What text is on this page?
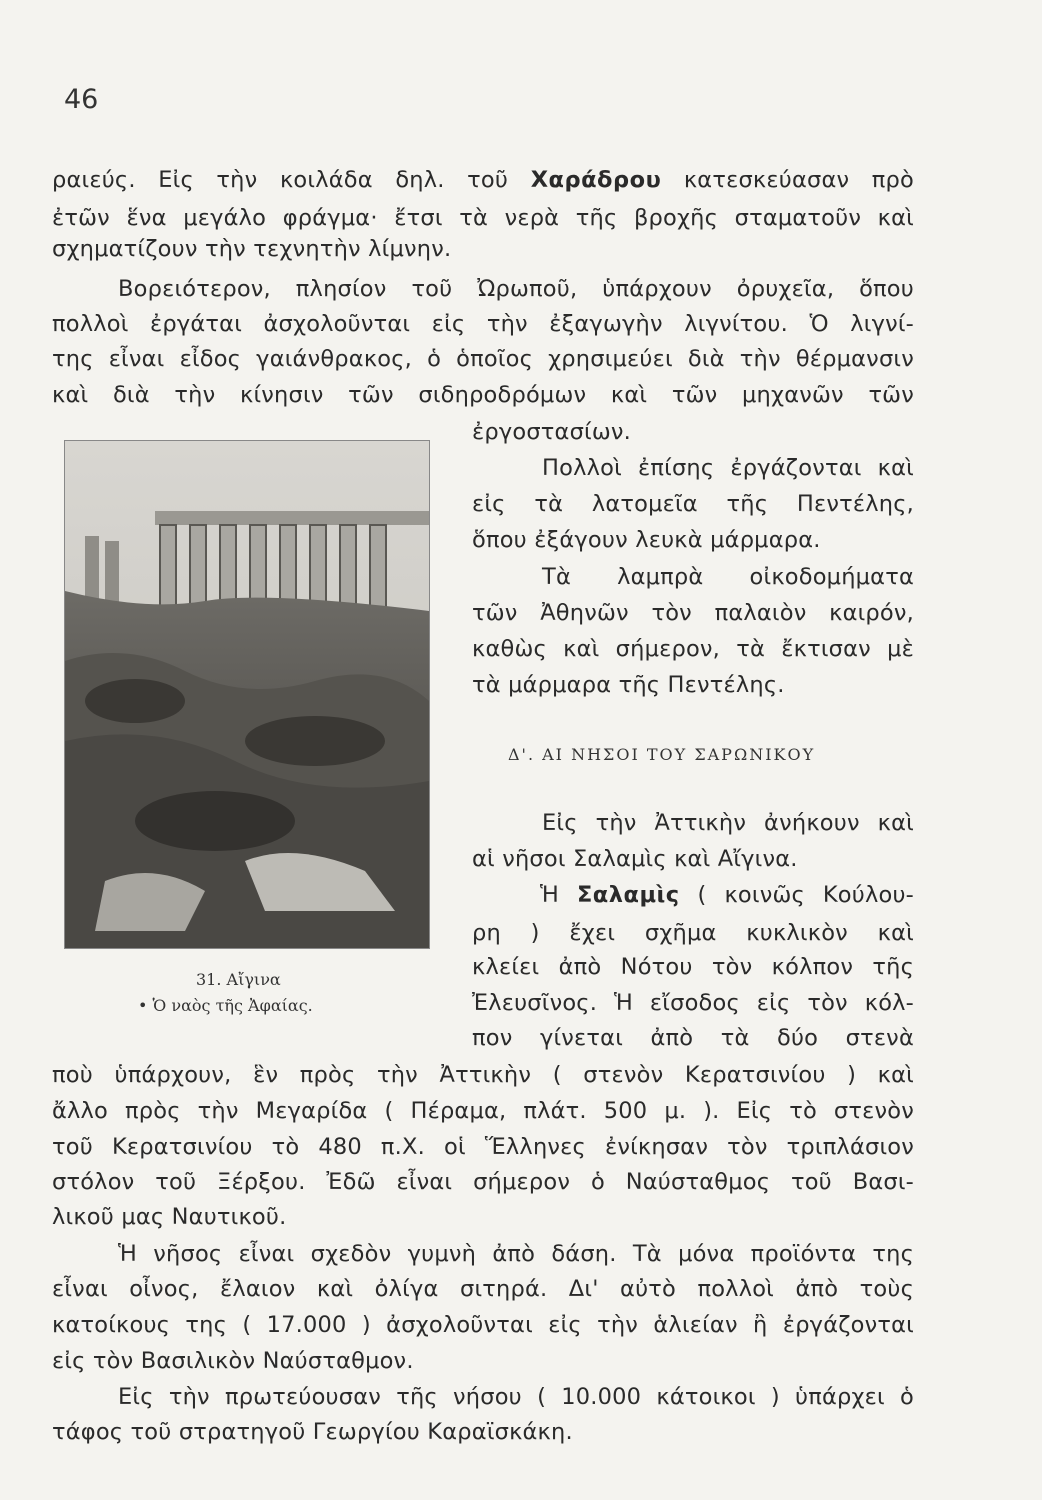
46
ραιεύς. Εἰς τὴν κοιλάδα δηλ. τοῦ Χαράδρου κατεσκεύασαν πρὸ
ἐτῶν ἕνα μεγάλο φράγμα· ἔτσι τὰ νερὰ τῆς βροχῆς σταματοῦν καὶ
σχηματίζουν τὴν τεχνητὴν λίμνην.
Βορειότερον, πλησίον τοῦ Ὠρωποῦ, ὑπάρχουν ὀρυχεῖα, ὅπου
πολλοὶ ἐργάται ἀσχολοῦνται εἰς τὴν ἐξαγωγὴν λιγνίτου. Ὁ λιγνί-
της εἶναι εἶδος γαιάνθρακος, ὁ ὁποῖος χρησιμεύει διὰ τὴν θέρμανσιν
καὶ διὰ τὴν κίνησιν τῶν σιδηροδρόμων καὶ τῶν μηχανῶν τῶν
ἐργοστασίων.
Πολλοὶ ἐπίσης ἐργάζονται καὶ
εἰς τὰ λατομεῖα τῆς Πεντέλης,
ὅπου ἐξάγουν λευκὰ μάρμαρα.
Τὰ λαμπρὰ οἰκοδομήματα
τῶν Ἀθηνῶν τὸν παλαιὸν καιρόν,
καθὼς καὶ σήμερον, τὰ ἔκτισαν μὲ
τὰ μάρμαρα τῆς Πεντέλης.
Δ'. ΑΙ ΝΗΣΟΙ ΤΟΥ ΣΑΡΩΝΙΚΟΥ
Εἰς τὴν Ἀττικὴν ἀνήκουν καὶ
αἱ νῆσοι Σαλαμὶς καὶ Αἴγινα.
Ἡ Σαλαμὶς ( κοινῶς Κούλου-
ρη ) ἔχει σχῆμα κυκλικὸν καὶ
κλείει ἀπὸ Νότου τὸν κόλπον τῆς
Ἐλευσῖνος. Ἡ εἴσοδος εἰς τὸν κόλ-
πον γίνεται ἀπὸ τὰ δύο στενὰ
ποὺ ὑπάρχουν, ἓν πρὸς τὴν Ἀττικὴν ( στενὸν Κερατσινίου ) καὶ
ἄλλο πρὸς τὴν Μεγαρίδα ( Πέραμα, πλάτ. 500 μ. ). Εἰς τὸ στενὸν
τοῦ Κερατσινίου τὸ 480 π.Χ. οἱ Ἕλληνες ἐνίκησαν τὸν τριπλάσιον
στόλον τοῦ Ξέρξου. Ἐδῶ εἶναι σήμερον ὁ Ναύσταθμος τοῦ Βασι-
λικοῦ μας Ναυτικοῦ.
31. Αἴγινα
• Ὁ ναὸς τῆς Ἀφαίας.
Ἡ νῆσος εἶναι σχεδὸν γυμνὴ ἀπὸ δάση. Τὰ μόνα προϊόντα της
εἶναι οἶνος, ἔλαιον καὶ ὀλίγα σιτηρά. Δι' αὐτὸ πολλοὶ ἀπὸ τοὺς
κατοίκους της ( 17.000 ) ἀσχολοῦνται εἰς τὴν ἁλιείαν ἢ ἐργάζονται
εἰς τὸν Βασιλικὸν Ναύσταθμον.
Εἰς τὴν πρωτεύουσαν τῆς νήσου ( 10.000 κάτοικοι ) ὑπάρχει ὁ
τάφος τοῦ στρατηγοῦ Γεωργίου Καραϊσκάκη.
